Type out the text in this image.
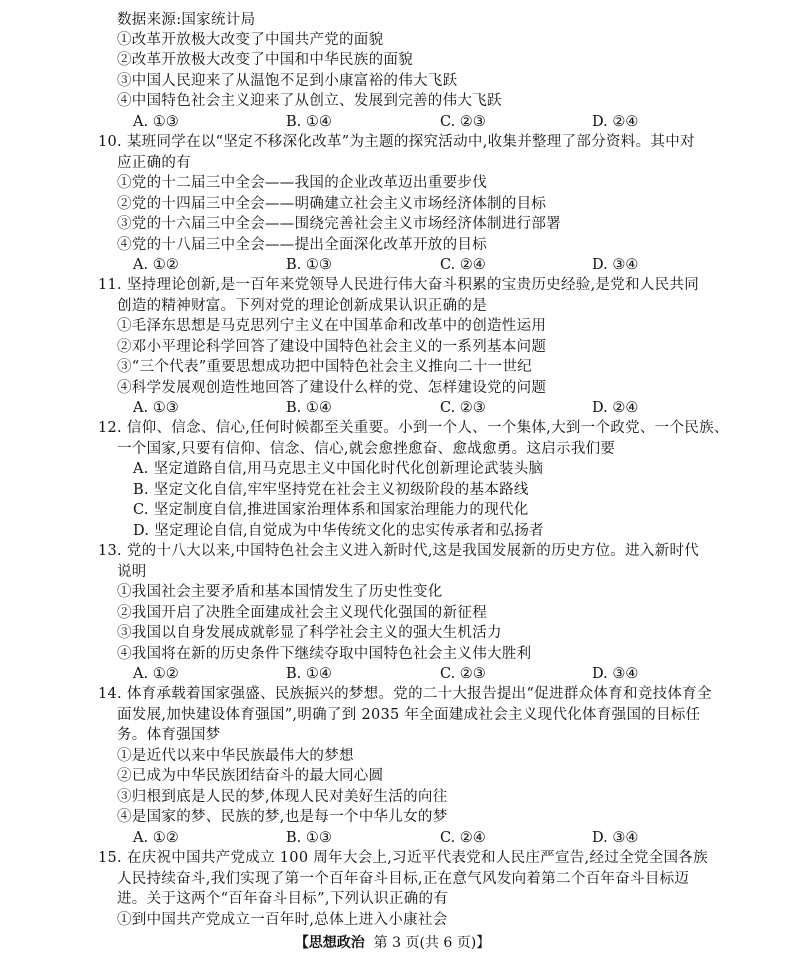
数据来源:国家统计局
①改革开放极大改变了中国共产党的面貌
②改革开放极大改变了中国和中华民族的面貌
③中国人民迎来了从温饱不足到小康富裕的伟大飞跃
④中国特色社会主义迎来了从创立、发展到完善的伟大飞跃
A. ①③	B. ①④	C. ②③	D. ②④
10. 某班同学在以“坚定不移深化改革”为主题的探究活动中,收集并整理了部分资料。其中对
应正确的有
①党的十二届三中全会——我国的企业改革迈出重要步伐
②党的十四届三中全会——明确建立社会主义市场经济体制的目标
③党的十六届三中全会——围绕完善社会主义市场经济体制进行部署
④党的十八届三中全会——提出全面深化改革开放的目标
A. ①②	B. ①③	C. ②④	D. ③④
11. 坚持理论创新,是一百年来党领导人民进行伟大奋斗积累的宝贵历史经验,是党和人民共同
创造的精神财富。下列对党的理论创新成果认识正确的是
①毛泽东思想是马克思列宁主义在中国革命和改革中的创造性运用
②邓小平理论科学回答了建设中国特色社会主义的一系列基本问题
③“三个代表”重要思想成功把中国特色社会主义推向二十一世纪
④科学发展观创造性地回答了建设什么样的党、怎样建设党的问题
A. ①③	B. ①④	C. ②③	D. ②④
12. 信仰、信念、信心,任何时候都至关重要。小到一个人、一个集体,大到一个政党、一个民族、
一个国家,只要有信仰、信念、信心,就会愈挫愈奋、愈战愈勇。这启示我们要
A. 坚定道路自信,用马克思主义中国化时代化创新理论武装头脑
B. 坚定文化自信,牢牢坚持党在社会主义初级阶段的基本路线
C. 坚定制度自信,推进国家治理体系和国家治理能力的现代化
D. 坚定理论自信,自觉成为中华传统文化的忠实传承者和弘扬者
13. 党的十八大以来,中国特色社会主义进入新时代,这是我国发展新的历史方位。进入新时代
说明
①我国社会主要矛盾和基本国情发生了历史性变化
②我国开启了决胜全面建成社会主义现代化强国的新征程
③我国以自身发展成就彰显了科学社会主义的强大生机活力
④我国将在新的历史条件下继续夺取中国特色社会主义伟大胜利
A. ①②	B. ①④	C. ②③	D. ③④
14. 体育承载着国家强盛、民族振兴的梦想。党的二十大报告提出“促进群众体育和竞技体育全
面发展,加快建设体育强国”,明确了到 2035 年全面建成社会主义现代化体育强国的目标任
务。体育强国梦
①是近代以来中华民族最伟大的梦想
②已成为中华民族团结奋斗的最大同心圆
③归根到底是人民的梦,体现人民对美好生活的向往
④是国家的梦、民族的梦,也是每一个中华儿女的梦
A. ①②	B. ①③	C. ②④	D. ③④
15. 在庆祝中国共产党成立 100 周年大会上,习近平代表党和人民庄严宣告,经过全党全国各族
人民持续奋斗,我们实现了第一个百年奋斗目标,正在意气风发向着第二个百年奋斗目标迈
进。关于这两个“百年奋斗目标”,下列认识正确的有
①到中国共产党成立一百年时,总体上进入小康社会
【思想政治 第 3 页(共 6 页)】
